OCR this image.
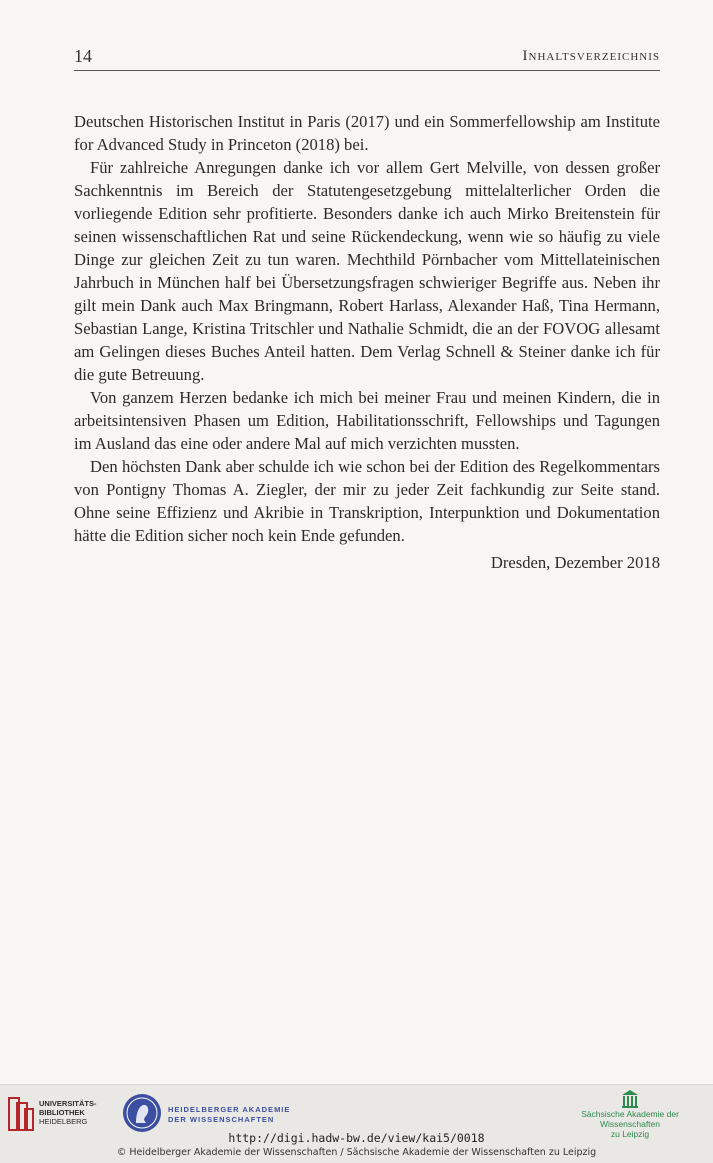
14	Inhaltsverzeichnis

Deutschen Historischen Institut in Paris (2017) und ein Sommerfellowship am Institute for Advanced Study in Princeton (2018) bei.

Für zahlreiche Anregungen danke ich vor allem Gert Melville, von dessen großer Sachkenntnis im Bereich der Statutengesetzgebung mittelalterlicher Orden die vorliegende Edition sehr profitierte. Besonders danke ich auch Mirko Breitenstein für seinen wissenschaftlichen Rat und seine Rückendeckung, wenn wie so häufig zu viele Dinge zur gleichen Zeit zu tun waren. Mechthild Pörnbacher vom Mittellateinischen Jahrbuch in München half bei Übersetzungsfragen schwieriger Begriffe aus. Neben ihr gilt mein Dank auch Max Bringmann, Robert Harlass, Alexander Haß, Tina Hermann, Sebastian Lange, Kristina Tritschler und Nathalie Schmidt, die an der FOVOG allesamt am Gelingen dieses Buches Anteil hatten. Dem Verlag Schnell & Steiner danke ich für die gute Betreuung.

Von ganzem Herzen bedanke ich mich bei meiner Frau und meinen Kindern, die in arbeitsintensiven Phasen um Edition, Habilitationsschrift, Fellowships und Tagungen im Ausland das eine oder andere Mal auf mich verzichten mussten.

Den höchsten Dank aber schulde ich wie schon bei der Edition des Regelkommentars von Pontigny Thomas A. Ziegler, der mir zu jeder Zeit fachkundig zur Seite stand. Ohne seine Effizienz und Akribie in Transkription, Interpunktion und Dokumentation hätte die Edition sicher noch kein Ende gefunden.

Dresden, Dezember 2018
UNIVERSITÄTS-
BIBLIOTHEK
HEIDELBERG
HEIDELBERGER AKADEMIE
DER WISSENSCHAFTEN
Sächsische Akademie der Wissenschaften
zu Leipzig
http://digi.hadw-bw.de/view/kai5/0018
© Heidelberger Akademie der Wissenschaften / Sächsische Akademie der Wissenschaften zu Leipzig
